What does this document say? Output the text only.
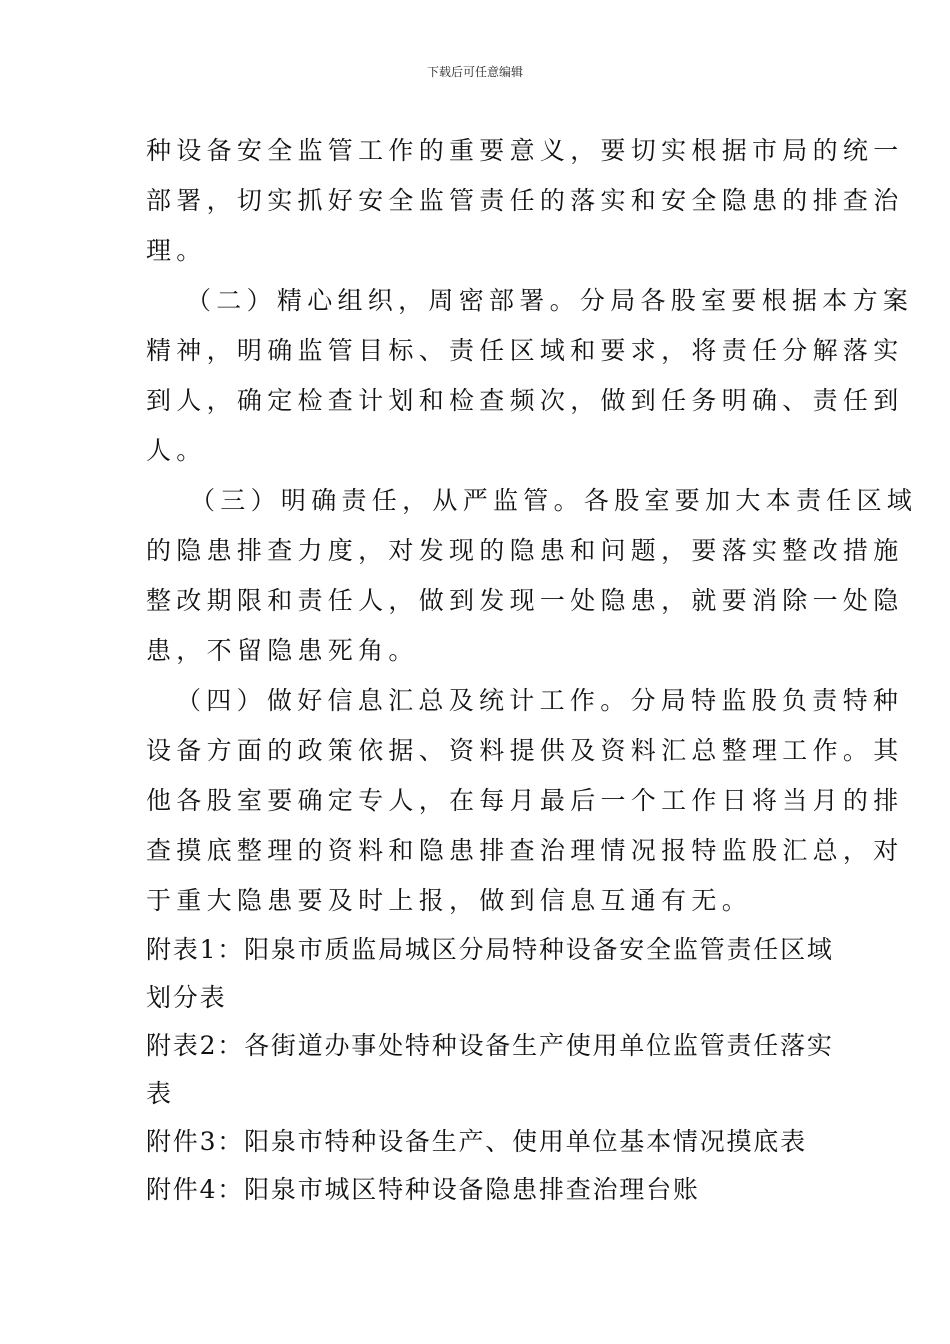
下载后可任意编辑

种设备安全监管工作的重要意义，要切实根据市局的统一
部署，切实抓好安全监管责任的落实和安全隐患的排查治
理。

（二）精心组织，周密部署。分局各股室要根据本方案
精神，明确监管目标、责任区域和要求，将责任分解落实
到人，确定检查计划和检查频次，做到任务明确、责任到
人。

（三）明确责任，从严监管。各股室要加大本责任区域
的隐患排查力度，对发现的隐患和问题，要落实整改措施
整改期限和责任人，做到发现一处隐患，就要消除一处隐
患，不留隐患死角。

（四）做好信息汇总及统计工作。分局特监股负责特种
设备方面的政策依据、资料提供及资料汇总整理工作。其
他各股室要确定专人，在每月最后一个工作日将当月的排
查摸底整理的资料和隐患排查治理情况报特监股汇总，对
于重大隐患要及时上报，做到信息互通有无。

附表1：阳泉市质监局城区分局特种设备安全监管责任区域
划分表

附表2：各街道办事处特种设备生产使用单位监管责任落实
表

附件3：阳泉市特种设备生产、使用单位基本情况摸底表

附件4：阳泉市城区特种设备隐患排查治理台账
